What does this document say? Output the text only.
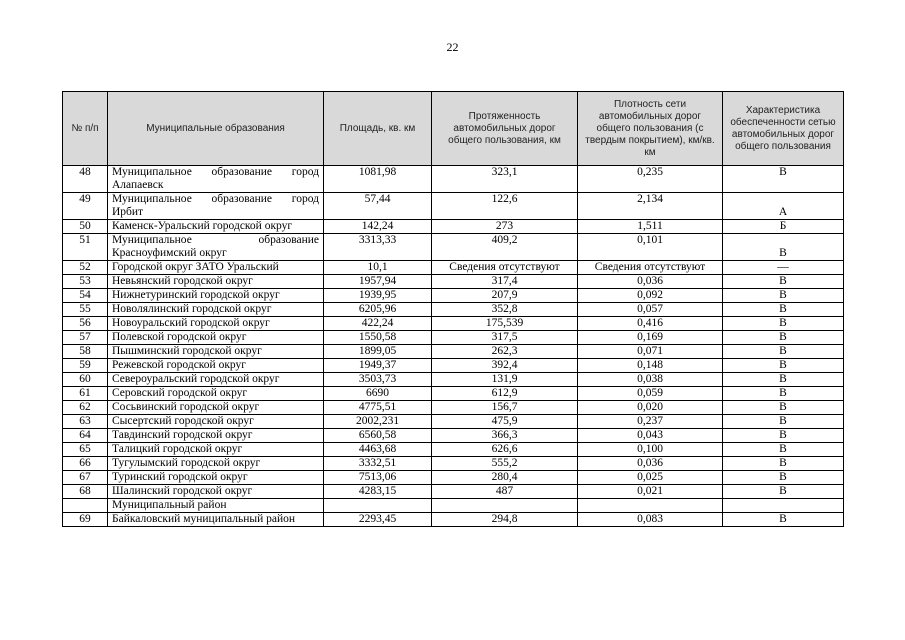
22
№ п/п	Муниципальные образования	Площадь, кв. км	Протяженность автомобильных дорог общего пользования, км	Плотность сети автомобильных дорог общего пользования (с твердым покрытием), км/кв. км	Характеристика обеспеченности сетью автомобильных дорог общего пользования
48	Муниципальное образование город Алапаевск	1081,98	323,1	0,235	В
49	Муниципальное образование город Ирбит	57,44	122,6	2,134	А
50	Каменск-Уральский городской округ	142,24	273	1,511	Б
51	Муниципальное образование Красноуфимский округ	3313,33	409,2	0,101	В
52	Городской округ ЗАТО Уральский	10,1	Сведения отсутствуют	Сведения отсутствуют	—
53	Невьянский городской округ	1957,94	317,4	0,036	В
54	Нижнетуринский городской округ	1939,95	207,9	0,092	В
55	Новолялинский городской округ	6205,96	352,8	0,057	В
56	Новоуральский городской округ	422,24	175,539	0,416	В
57	Полевской городской округ	1550,58	317,5	0,169	В
58	Пышминский городской округ	1899,05	262,3	0,071	В
59	Режевской городской округ	1949,37	392,4	0,148	В
60	Североуральский городской округ	3503,73	131,9	0,038	В
61	Серовский городской округ	6690	612,9	0,059	В
62	Сосьвинский городской округ	4775,51	156,7	0,020	В
63	Сысертский городской округ	2002,231	475,9	0,237	В
64	Тавдинский городской округ	6560,58	366,3	0,043	В
65	Талицкий городской округ	4463,68	626,6	0,100	В
66	Тугулымский городской округ	3332,51	555,2	0,036	В
67	Туринский городской округ	7513,06	280,4	0,025	В
68	Шалинский городской округ	4283,15	487	0,021	В
	Муниципальный район				
69	Байкаловский муниципальный район	2293,45	294,8	0,083	В
